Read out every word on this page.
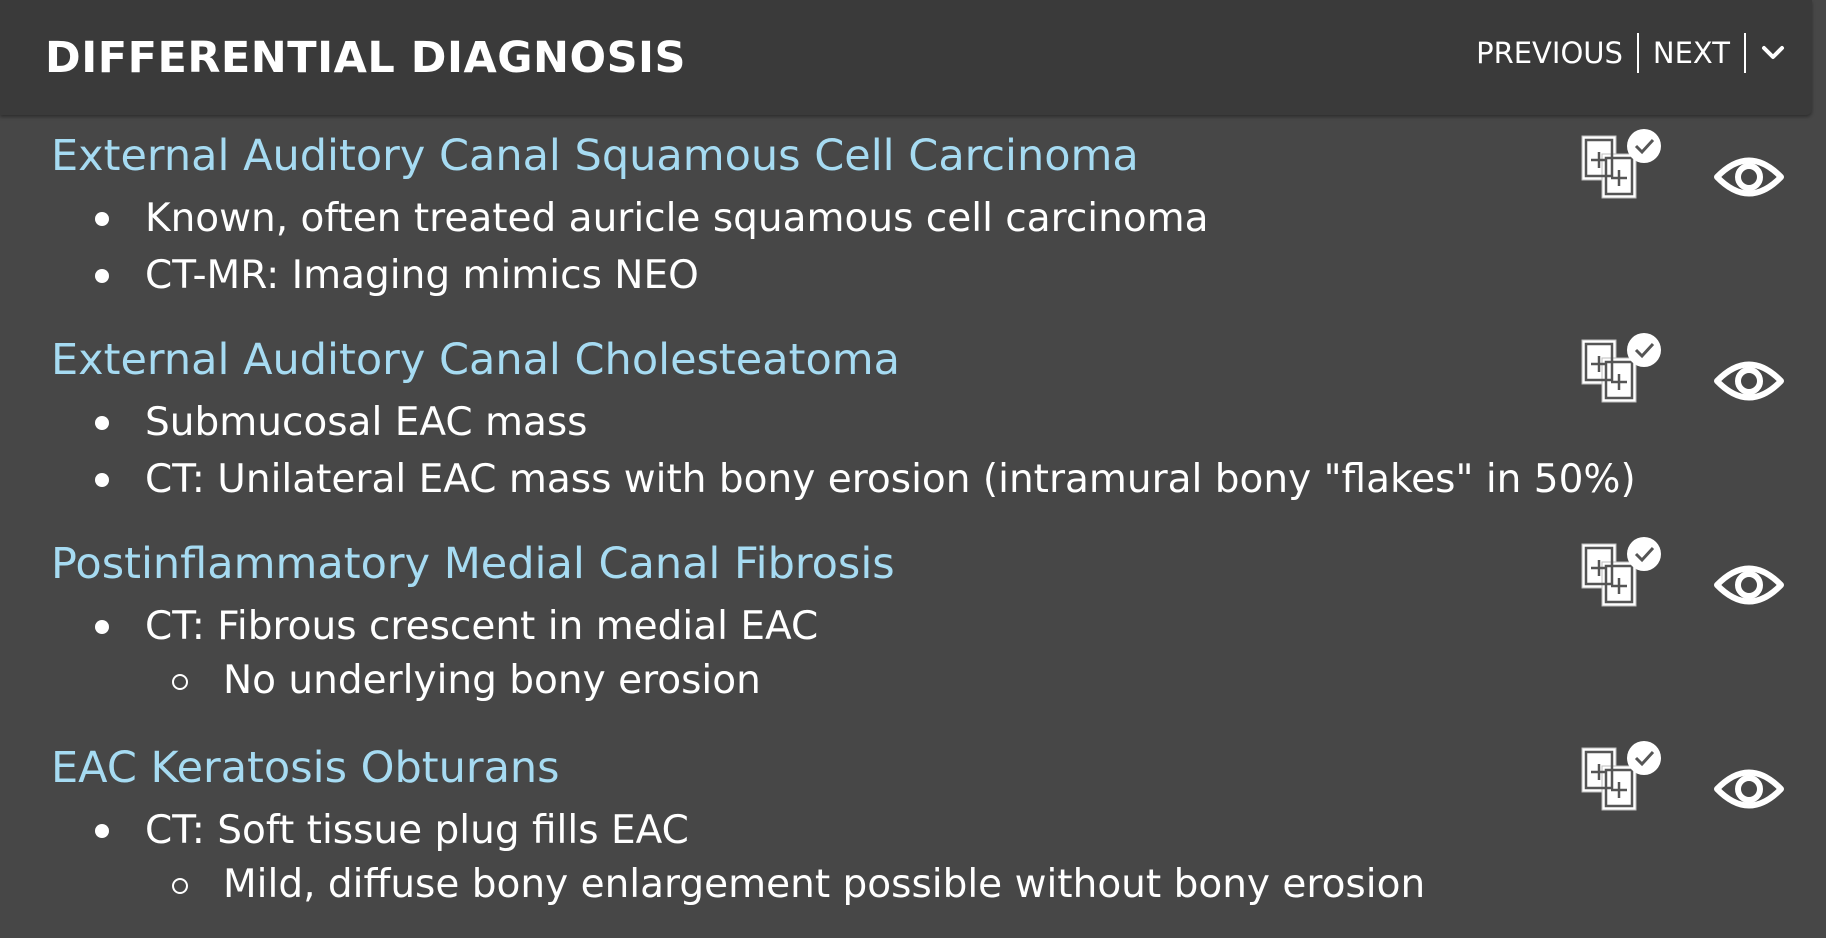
DIFFERENTIAL DIAGNOSIS	PREVIOUS NEXT
External Auditory Canal Squamous Cell Carcinoma
Known, often treated auricle squamous cell carcinoma
CT-MR: Imaging mimics NEO
External Auditory Canal Cholesteatoma
Submucosal EAC mass
CT: Unilateral EAC mass with bony erosion (intramural bony "flakes" in 50%)
Postinflammatory Medial Canal Fibrosis
CT: Fibrous crescent in medial EAC
No underlying bony erosion
EAC Keratosis Obturans
CT: Soft tissue plug fills EAC
Mild, diffuse bony enlargement possible without bony erosion
